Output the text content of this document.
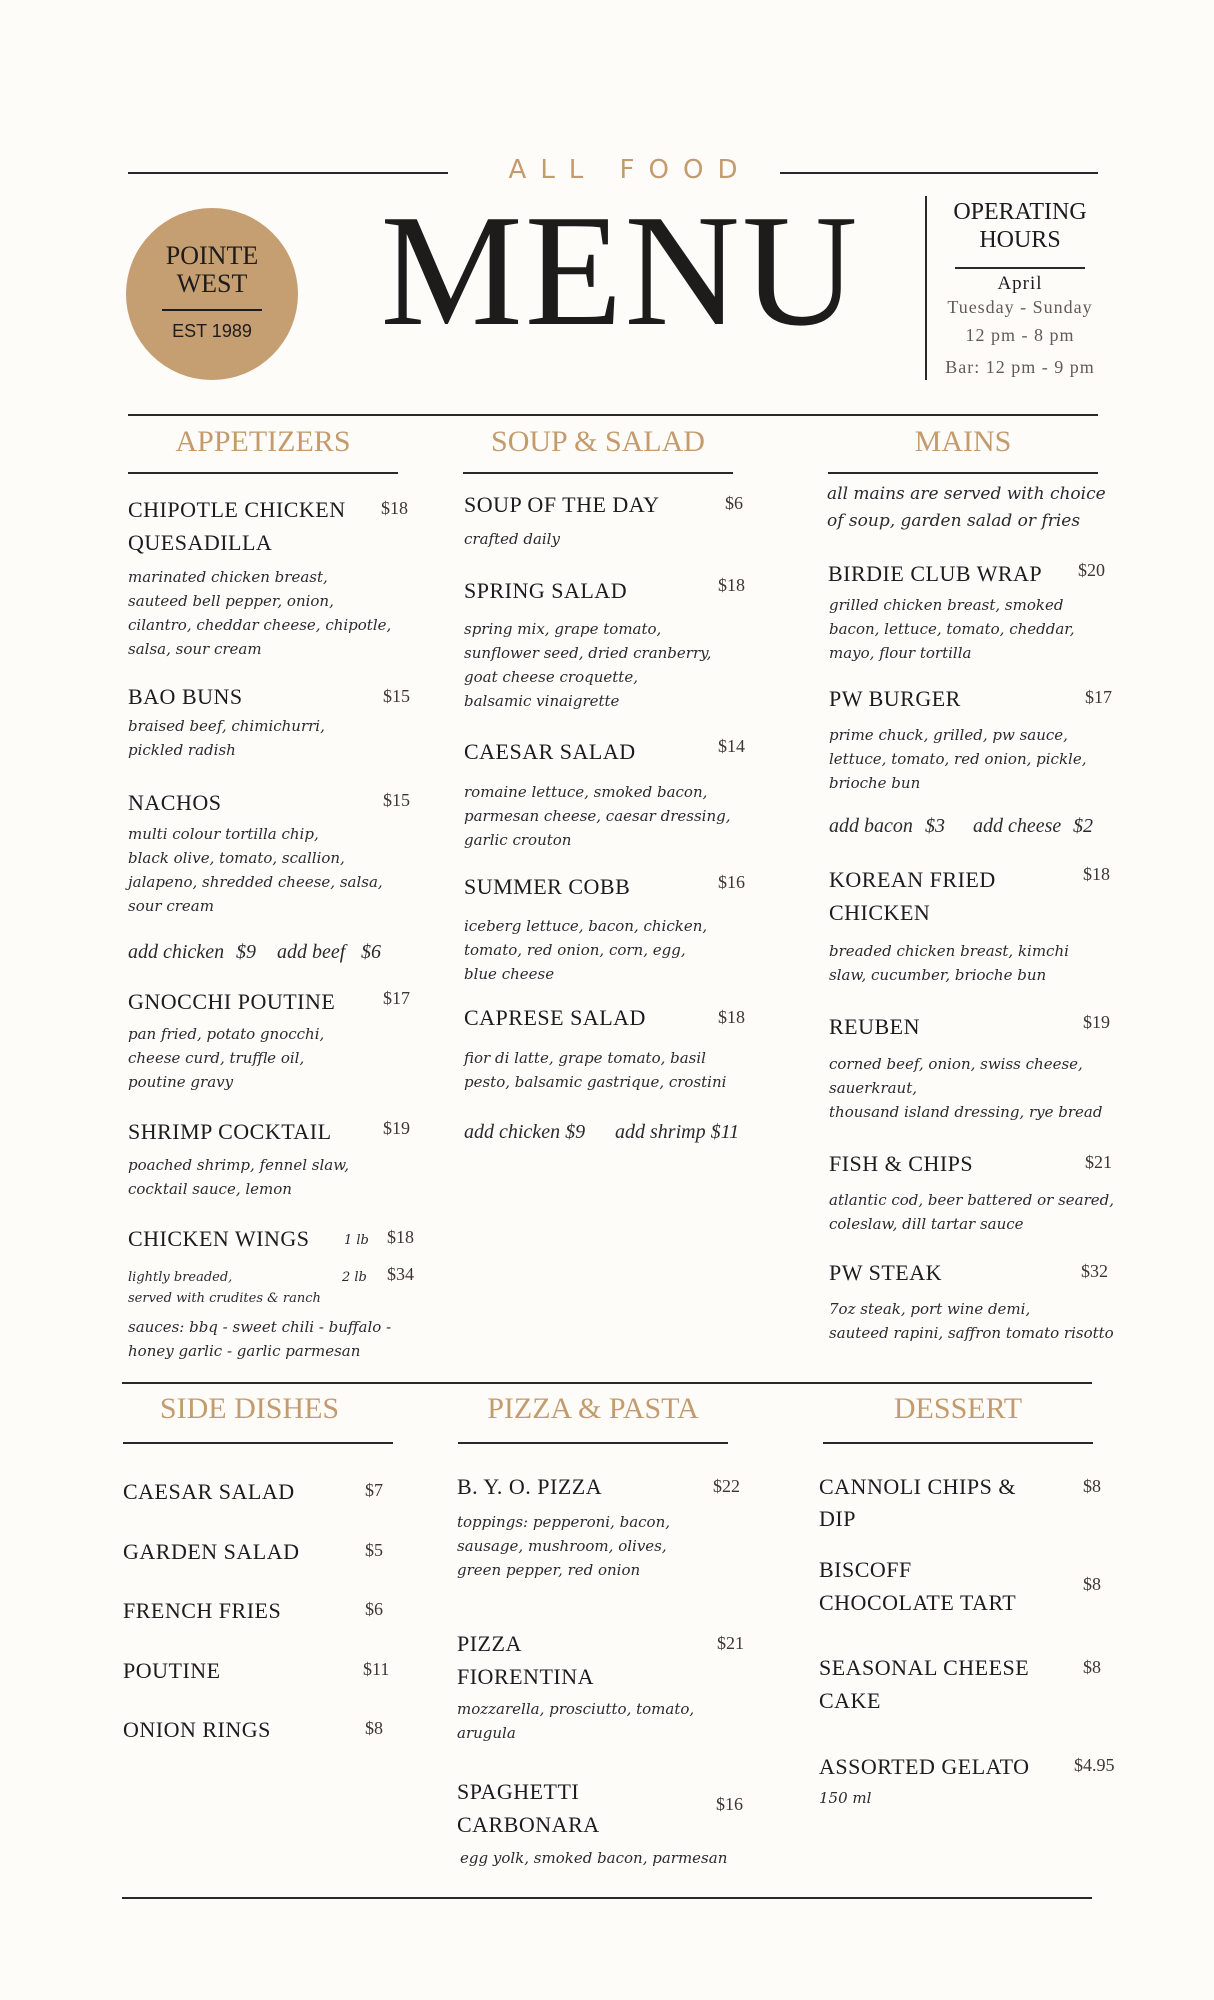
ALL FOOD
MENU
POINTE
WEST
EST 1989
OPERATING
HOURS
April
Tuesday - Sunday
12 pm - 8 pm
Bar: 12 pm - 9 pm
APPETIZERS
CHIPOTLE CHICKEN
QUESADILLA
$18
marinated chicken breast,
sauteed bell pepper, onion,
cilantro, cheddar cheese, chipotle,
salsa, sour cream
BAO BUNS	$15
braised beef, chimichurri,
pickled radish
NACHOS	$15
multi colour tortilla chip,
black olive, tomato, scallion,
jalapeno, shredded cheese, salsa,
sour cream
add chicken $9 add beef $6
GNOCCHI POUTINE	$17
pan fried, potato gnocchi,
cheese curd, truffle oil,
poutine gravy
SHRIMP COCKTAIL	$19
poached shrimp, fennel slaw,
cocktail sauce, lemon
CHICKEN WINGS	1 lb $18
2 lb $34
lightly breaded,
served with crudites & ranch
sauces: bbq - sweet chili - buffalo -
honey garlic - garlic parmesan
SOUP & SALAD
SOUP OF THE DAY	$6
crafted daily
SPRING SALAD	$18
spring mix, grape tomato,
sunflower seed, dried cranberry,
goat cheese croquette,
balsamic vinaigrette
CAESAR SALAD	$14
romaine lettuce, smoked bacon,
parmesan cheese, caesar dressing,
garlic crouton
SUMMER COBB	$16
iceberg lettuce, bacon, chicken,
tomato, red onion, corn, egg,
blue cheese
CAPRESE SALAD	$18
fior di latte, grape tomato, basil
pesto, balsamic gastrique, crostini
add chicken $9 add shrimp $11
MAINS
all mains are served with choice
of soup, garden salad or fries
BIRDIE CLUB WRAP $20
grilled chicken breast, smoked
bacon, lettuce, tomato, cheddar,
mayo, flour tortilla
PW BURGER	$17
prime chuck, grilled, pw sauce,
lettuce, tomato, red onion, pickle,
brioche bun
add bacon $3 add cheese $2
KOREAN FRIED
CHICKEN
$18
breaded chicken breast, kimchi
slaw, cucumber, brioche bun
REUBEN	$19
corned beef, onion, swiss cheese,
sauerkraut,
thousand island dressing, rye bread
FISH & CHIPS	$21
atlantic cod, beer battered or seared,
coleslaw, dill tartar sauce
PW STEAK	$32
7oz steak, port wine demi,
sauteed rapini, saffron tomato risotto
SIDE DISHES
CAESAR SALAD	$7
GARDEN SALAD	$5
FRENCH FRIES	$6
POUTINE	$11
ONION RINGS	$8
PIZZA & PASTA
B. Y. O. PIZZA	$22
toppings: pepperoni, bacon,
sausage, mushroom, olives,
green pepper, red onion
PIZZA
FIORENTINA
$21
mozzarella, prosciutto, tomato,
arugula
SPAGHETTI
CARBONARA
$16
egg yolk, smoked bacon, parmesan
DESSERT
CANNOLI CHIPS &
DIP
$8
BISCOFF
CHOCOLATE TART
$8
SEASONAL CHEESE
CAKE
$8
ASSORTED GELATO $4.95
150 ml
